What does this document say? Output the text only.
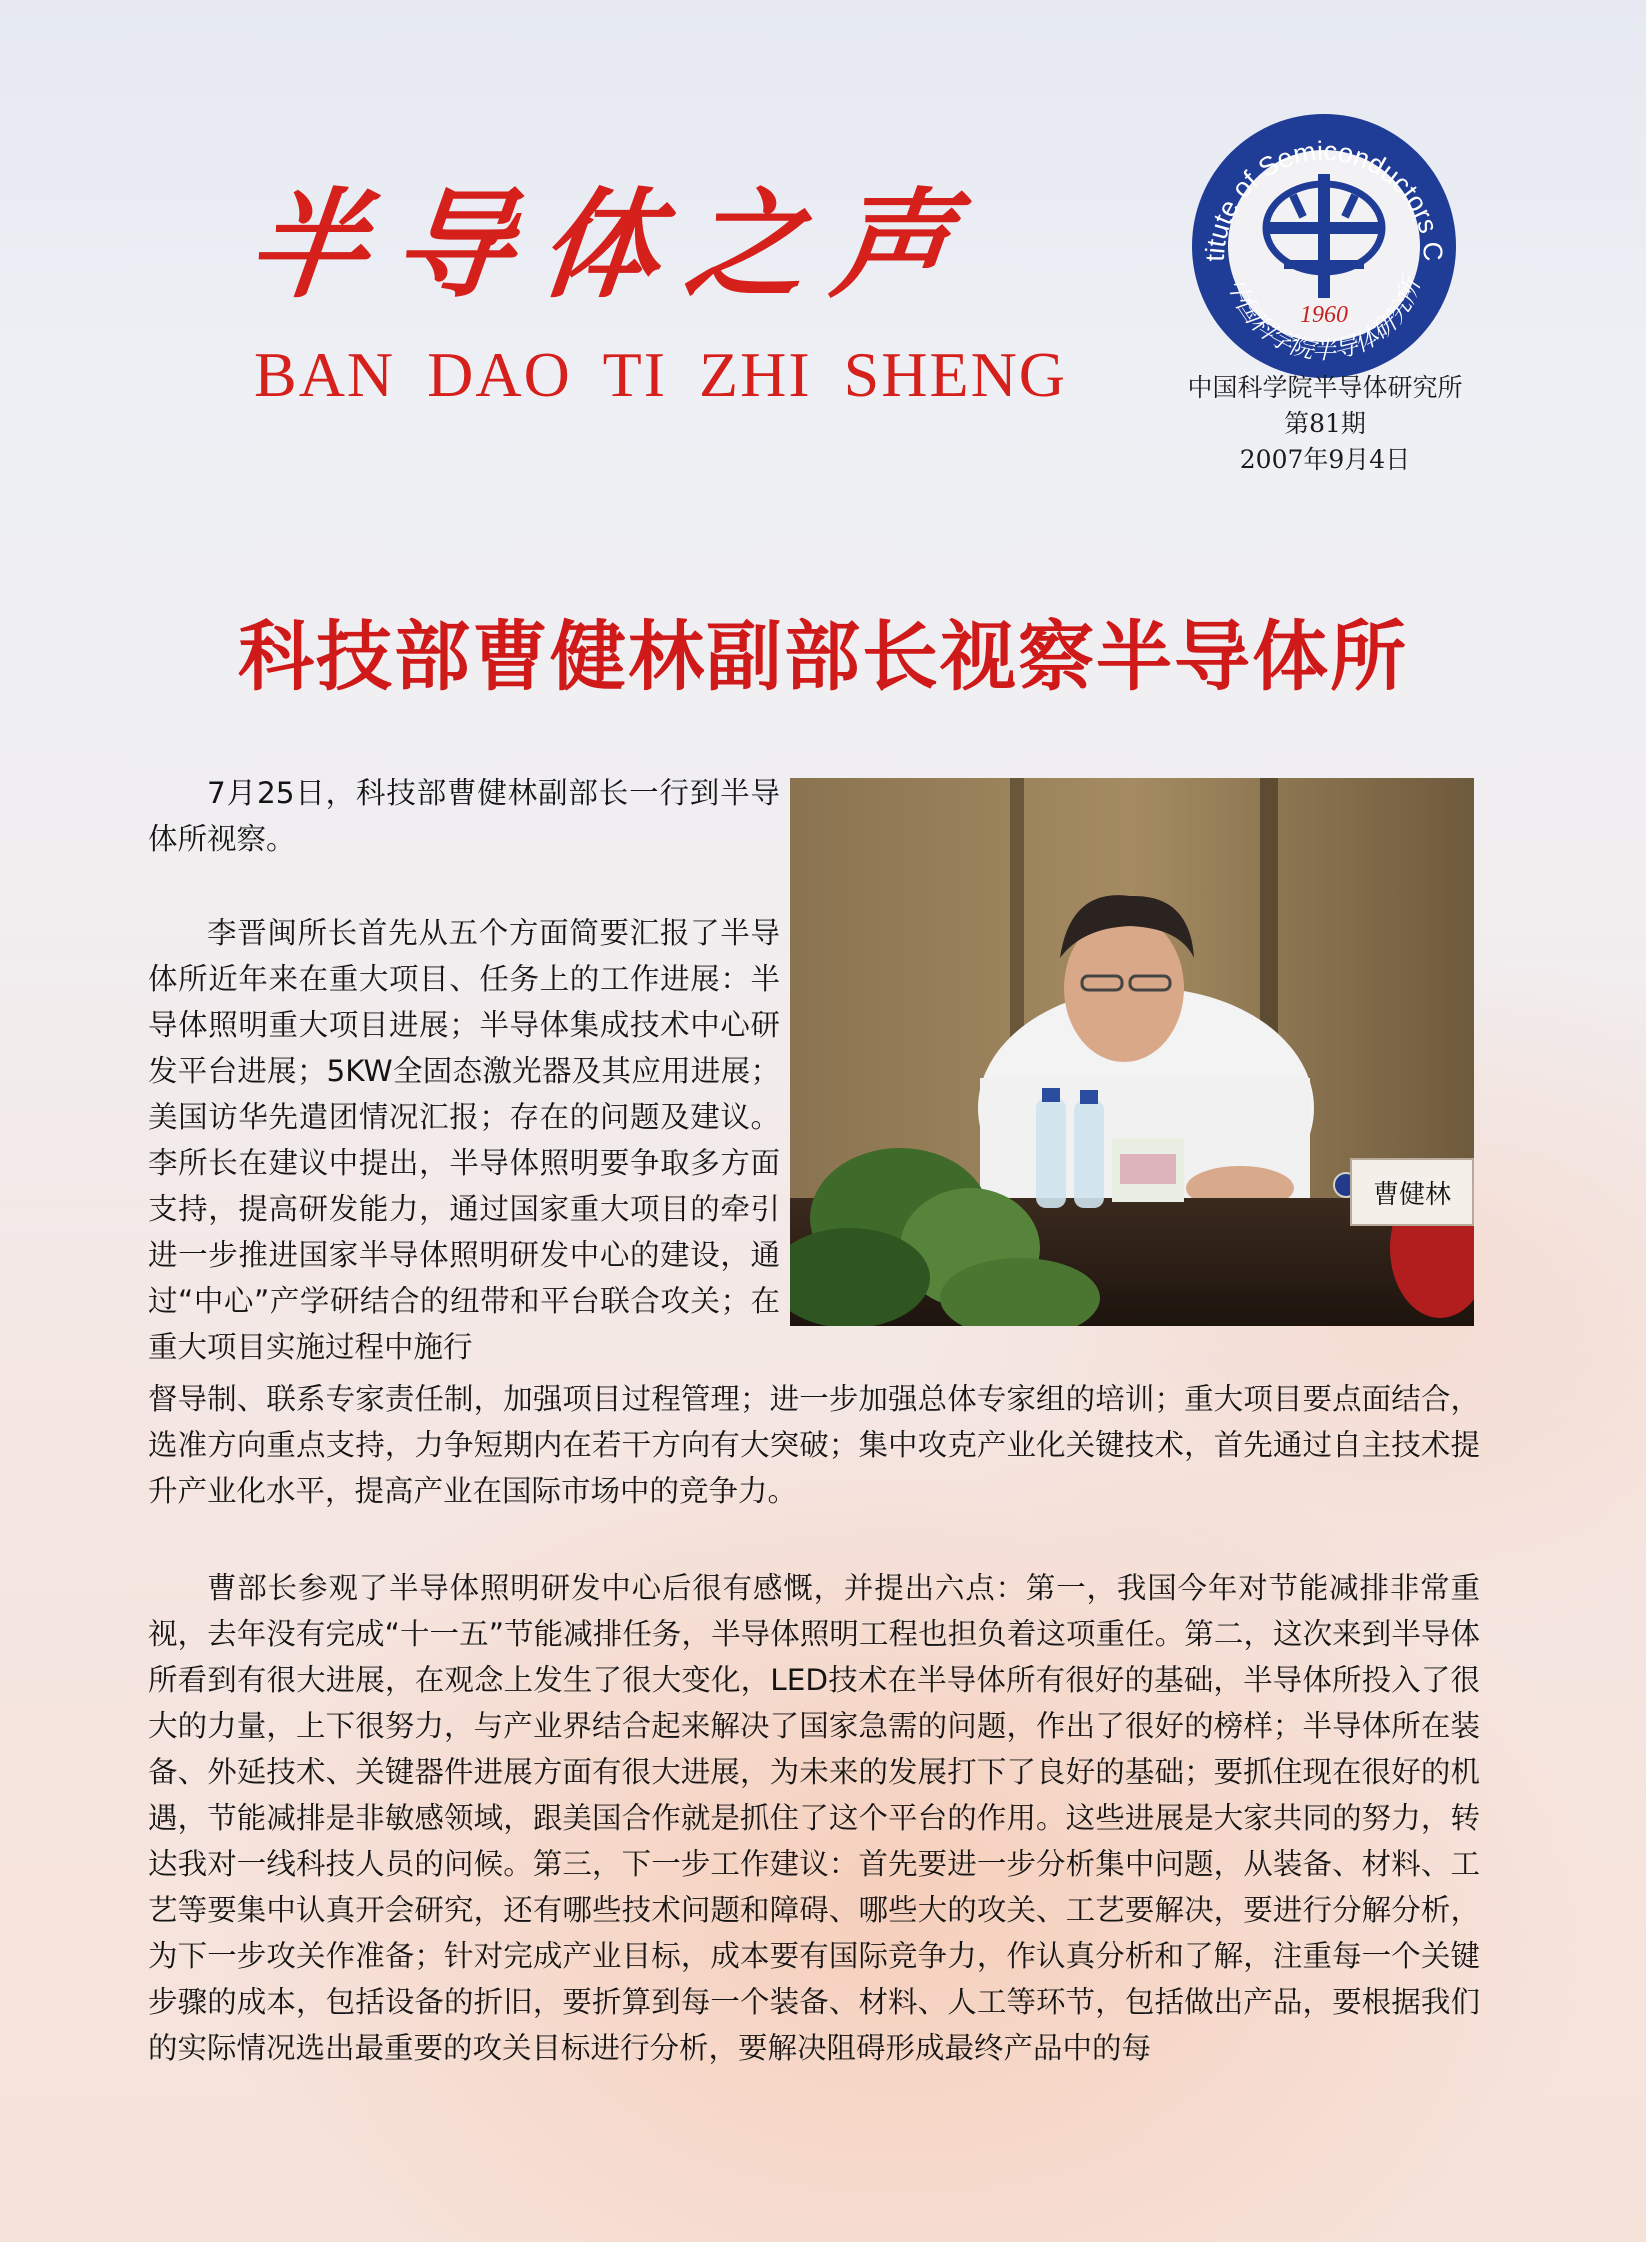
半导体之声
BAN DAO TI ZHI SHENG
titute of Semiconductors C
中国科学院半导体研究所
1960
中国科学院半导体研究所
第81期
2007年9月4日
科技部曹健林副部长视察半导体所

7月25日，科技部曹健林副部长一行到半导体所视察。

李晋闽所长首先从五个方面简要汇报了半导体所近年来在重大项目、任务上的工作进展：半导体照明重大项目进展；半导体集成技术中心研发平台进展；5KW全固态激光器及其应用进展；美国访华先遣团情况汇报；存在的问题及建议。李所长在建议中提出，半导体照明要争取多方面支持，提高研发能力，通过国家重大项目的牵引进一步推进国家半导体照明研发中心的建设，通过“中心”产学研结合的纽带和平台联合攻关；在重大项目实施过程中施行

督导制、联系专家责任制，加强项目过程管理；进一步加强总体专家组的培训；重大项目要点面结合，选准方向重点支持，力争短期内在若干方向有大突破；集中攻克产业化关键技术，首先通过自主技术提升产业化水平，提高产业在国际市场中的竞争力。

曹部长参观了半导体照明研发中心后很有感慨，并提出六点：第一，我国今年对节能减排非常重视，去年没有完成“十一五”节能减排任务，半导体照明工程也担负着这项重任。第二，这次来到半导体所看到有很大进展，在观念上发生了很大变化，LED技术在半导体所有很好的基础，半导体所投入了很大的力量，上下很努力，与产业界结合起来解决了国家急需的问题，作出了很好的榜样；半导体所在装备、外延技术、关键器件进展方面有很大进展，为未来的发展打下了良好的基础；要抓住现在很好的机遇，节能减排是非敏感领域，跟美国合作就是抓住了这个平台的作用。这些进展是大家共同的努力，转达我对一线科技人员的问候。第三，下一步工作建议：首先要进一步分析集中问题，从装备、材料、工艺等要集中认真开会研究，还有哪些技术问题和障碍、哪些大的攻关、工艺要解决，要进行分解分析，为下一步攻关作准备；针对完成产业目标，成本要有国际竞争力，作认真分析和了解，注重每一个关键步骤的成本，包括设备的折旧，要折算到每一个装备、材料、人工等环节，包括做出产品，要根据我们的实际情况选出最重要的攻关目标进行分析，要解决阻碍形成最终产品中的每

曹健林
